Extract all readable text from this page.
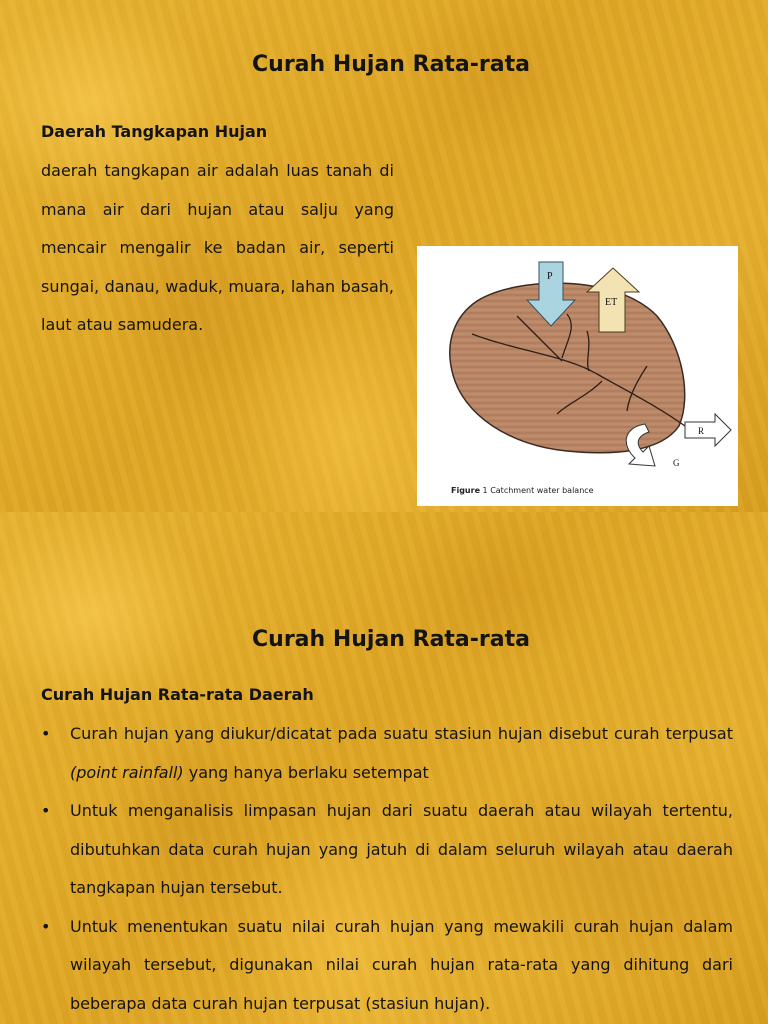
Curah Hujan Rata-rata
Daerah Tangkapan Hujan

daerah tangkapan air adalah luas tanah di mana air dari hujan atau salju yang mencair mengalir ke badan air, seperti sungai, danau, waduk, muara, lahan basah, laut atau samudera.

P
ET
R
G
Figure 1 Catchment water balance
Curah Hujan Rata-rata
Curah Hujan Rata-rata Daerah
• Curah hujan yang diukur/dicatat pada suatu stasiun hujan disebut curah terpusat (point rainfall) yang hanya berlaku setempat
• Untuk menganalisis limpasan hujan dari suatu daerah atau wilayah tertentu, dibutuhkan data curah hujan yang jatuh di dalam seluruh wilayah atau daerah tangkapan hujan tersebut.
• Untuk menentukan suatu nilai curah hujan yang mewakili curah hujan dalam wilayah tersebut, digunakan nilai curah hujan rata-rata yang dihitung dari beberapa data curah hujan terpusat (stasiun hujan).
